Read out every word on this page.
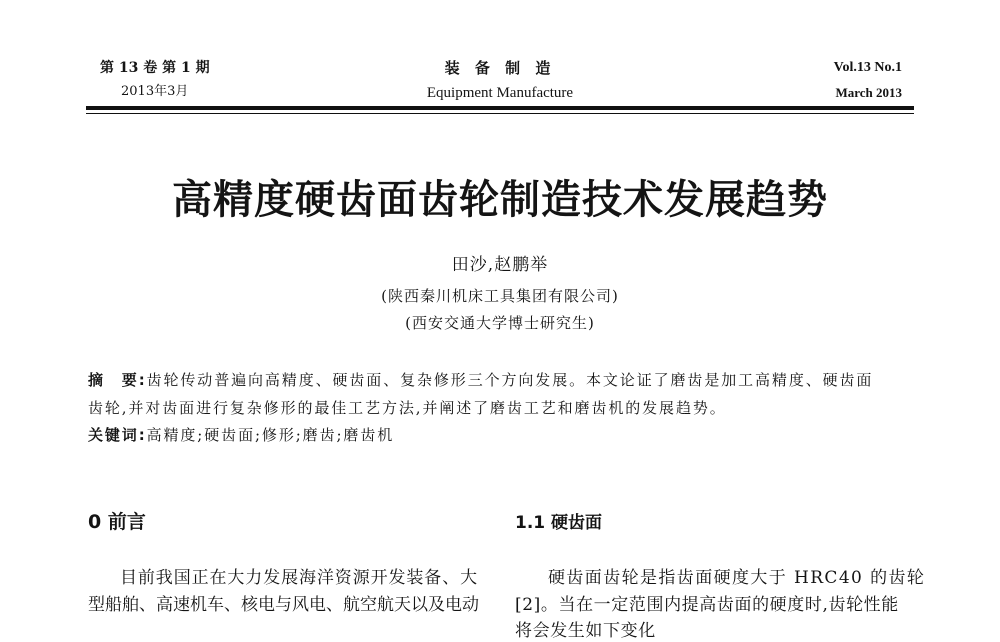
第 13 卷 第 1 期
2013年3月
装 备 制 造
Equipment Manufacture
Vol.13 No.1
March 2013
高精度硬齿面齿轮制造技术发展趋势
田沙,赵鹏举
(陕西秦川机床工具集团有限公司)
(西安交通大学博士研究生)
摘　要:齿轮传动普遍向高精度、硬齿面、复杂修形三个方向发展。本文论证了磨齿是加工高精度、硬齿面
齿轮,并对齿面进行复杂修形的最佳工艺方法,并阐述了磨齿工艺和磨齿机的发展趋势。
关键词:高精度;硬齿面;修形;磨齿;磨齿机
0 前言
目前我国正在大力发展海洋资源开发装备、大
型船舶、高速机车、核电与风电、航空航天以及电动
1.1 硬齿面
硬齿面齿轮是指齿面硬度大于 HRC40 的齿轮
[2]。当在一定范围内提高齿面的硬度时,齿轮性能
将会发生如下变化
